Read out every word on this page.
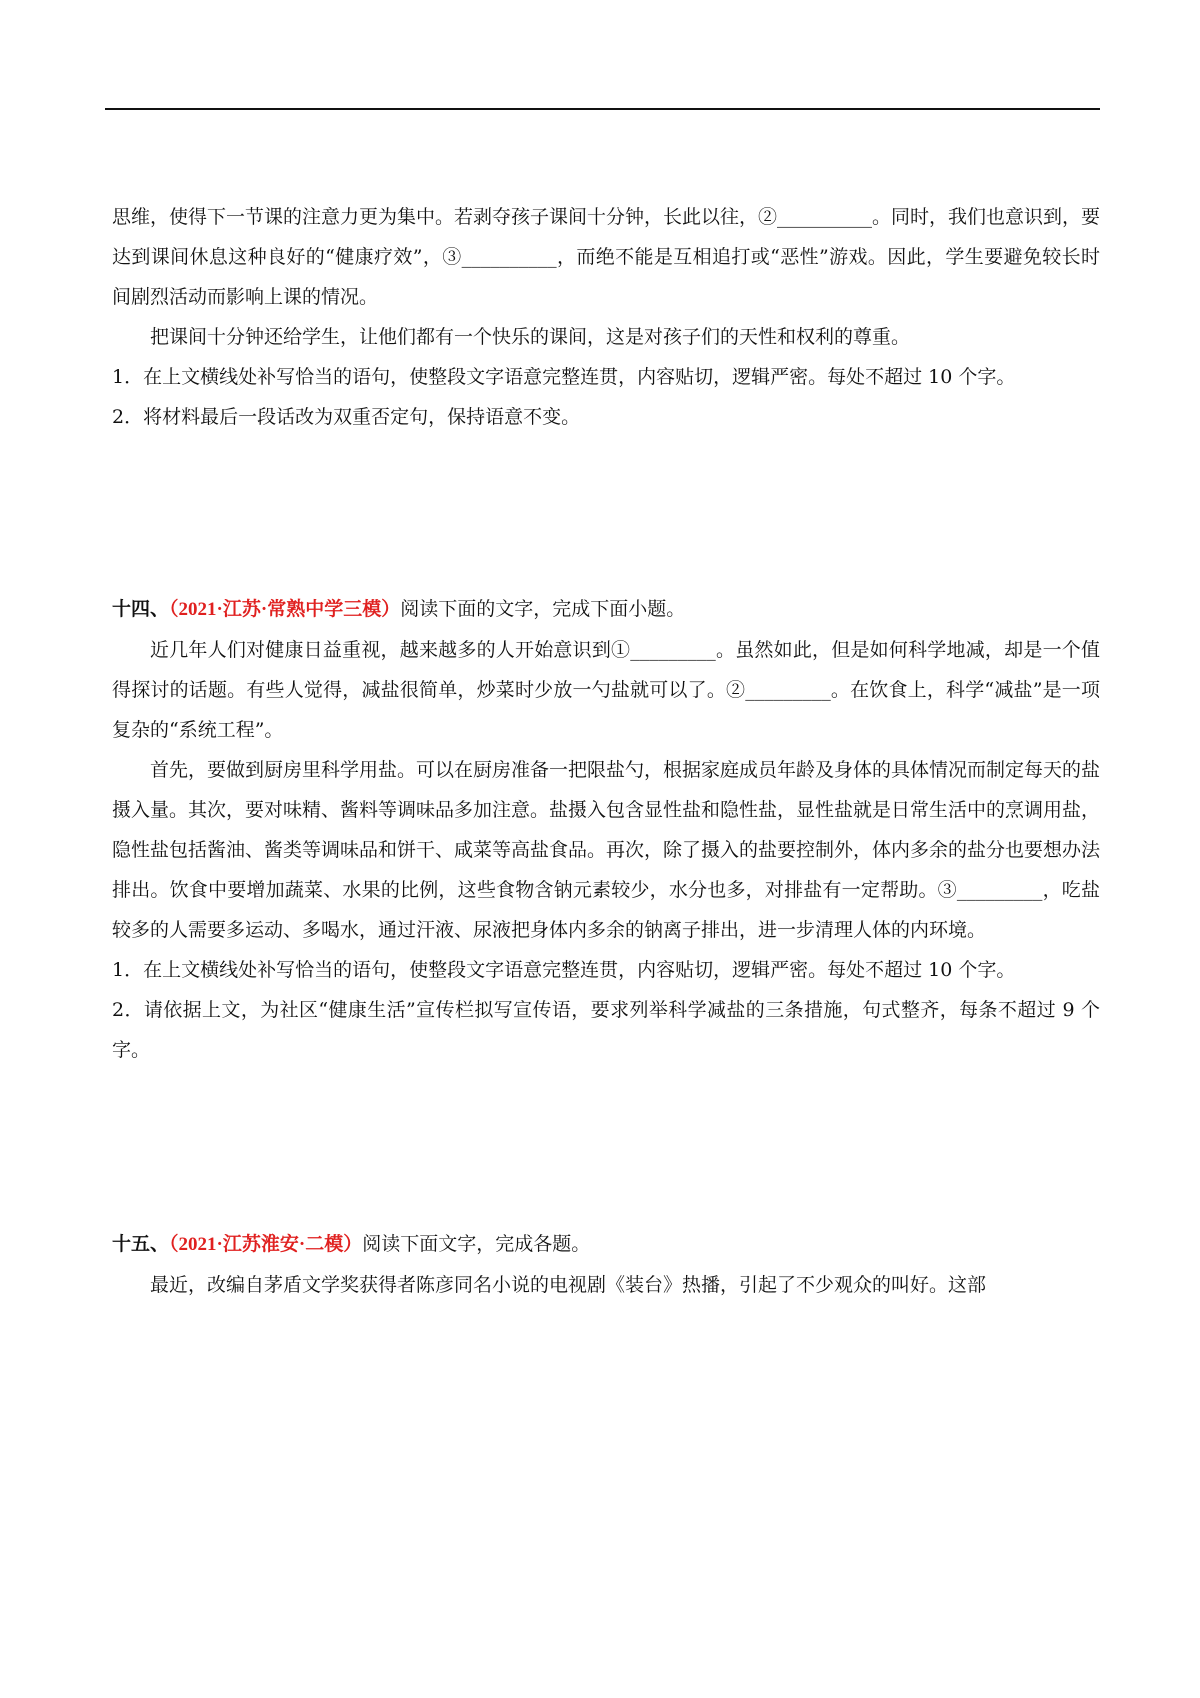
思维，使得下一节课的注意力更为集中。若剥夺孩子课间十分钟，长此以往，②__________。同时，我们也意识到，要达到课间休息这种良好的“健康疗效”，③__________，而绝不能是互相追打或“恶性”游戏。因此，学生要避免较长时间剧烈活动而影响上课的情况。

把课间十分钟还给学生，让他们都有一个快乐的课间，这是对孩子们的天性和权利的尊重。

1．在上文横线处补写恰当的语句，使整段文字语意完整连贯，内容贴切，逻辑严密。每处不超过 10 个字。

2．将材料最后一段话改为双重否定句，保持语意不变。

十四、（2021·江苏·常熟中学三模）阅读下面的文字，完成下面小题。

近几年人们对健康日益重视，越来越多的人开始意识到①_________。虽然如此，但是如何科学地减，却是一个值得探讨的话题。有些人觉得，减盐很简单，炒菜时少放一勺盐就可以了。②_________。在饮食上，科学“减盐”是一项复杂的“系统工程”。

首先，要做到厨房里科学用盐。可以在厨房准备一把限盐勺，根据家庭成员年龄及身体的具体情况而制定每天的盐摄入量。其次，要对味精、酱料等调味品多加注意。盐摄入包含显性盐和隐性盐，显性盐就是日常生活中的烹调用盐，隐性盐包括酱油、酱类等调味品和饼干、咸菜等高盐食品。再次，除了摄入的盐要控制外，体内多余的盐分也要想办法排出。饮食中要增加蔬菜、水果的比例，这些食物含钠元素较少，水分也多，对排盐有一定帮助。③_________，吃盐较多的人需要多运动、多喝水，通过汗液、尿液把身体内多余的钠离子排出，进一步清理人体的内环境。

1．在上文横线处补写恰当的语句，使整段文字语意完整连贯，内容贴切，逻辑严密。每处不超过 10 个字。

2．请依据上文，为社区“健康生活”宣传栏拟写宣传语，要求列举科学减盐的三条措施，句式整齐，每条不超过 9 个字。

十五、（2021·江苏淮安·二模）阅读下面文字，完成各题。

最近，改编自茅盾文学奖获得者陈彦同名小说的电视剧《装台》热播，引起了不少观众的叫好。这部
